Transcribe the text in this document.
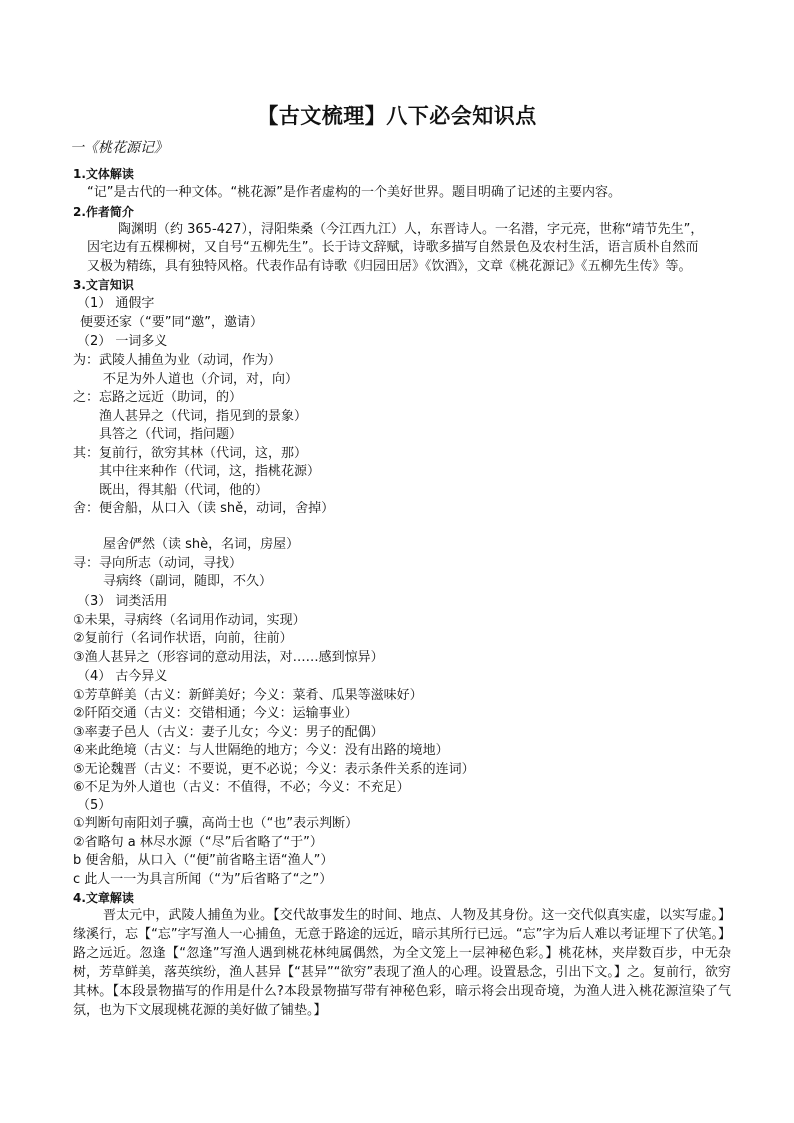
【古文梳理】八下必会知识点
一《桃花源记》
1.文体解读
“记”是古代的一种文体。“桃花源”是作者虚构的一个美好世界。题目明确了记述的主要内容。
2.作者简介
陶渊明（约 365-427），浔阳柴桑（今江西九江）人，东晋诗人。一名潜，字元亮，世称“靖节先生”，
因宅边有五棵柳树，又自号“五柳先生”。长于诗文辞赋，诗歌多描写自然景色及农村生活，语言质朴自然而
又极为精练，具有独特风格。代表作品有诗歌《归园田居》《饮酒》，文章《桃花源记》《五柳先生传》等。
3.文言知识
（1） 通假字
便要还家（“要”同“邀”，邀请）
（2） 一词多义
为：武陵人捕鱼为业（动词，作为）
不足为外人道也（介词，对，向）
之：忘路之远近（助词，的）
渔人甚异之（代词，指见到的景象）
具答之（代词，指问题）
其：复前行，欲穷其林（代词，这，那）
其中往来种作（代词，这，指桃花源）
既出，得其船（代词，他的）
舍：便舍船，从口入（读 shě，动词，舍掉）
屋舍俨然（读 shè，名词，房屋）
寻：寻向所志（动词，寻找）
寻病终（副词，随即，不久）
（3） 词类活用
①未果，寻病终（名词用作动词，实现）
②复前行（名词作状语，向前，往前）
③渔人甚异之（形容词的意动用法，对……感到惊异）
（4） 古今异义
①芳草鲜美（古义：新鲜美好；今义：菜肴、瓜果等滋味好）
②阡陌交通（古义：交错相通；今义：运输事业）
③率妻子邑人（古义：妻子儿女；今义：男子的配偶）
④来此绝境（古义：与人世隔绝的地方；今义：没有出路的境地）
⑤无论魏晋（古义：不要说，更不必说；今义：表示条件关系的连词）
⑥不足为外人道也（古义：不值得，不必；今义：不充足）
（5）
①判断句南阳刘子骥，高尚士也（“也”表示判断）
②省略句 a 林尽水源（“尽”后省略了“于”）
b 便舍船，从口入（“便”前省略主语“渔人”）
c 此人一一为具言所闻（“为”后省略了“之”）
4.文章解读
晋太元中，武陵人捕鱼为业。【交代故事发生的时间、地点、人物及其身份。这一交代似真实虚，以实写虚。】缘溪行，忘【“忘”字写渔人一心捕鱼，无意于路途的远近，暗示其所行已远。“忘”字为后人难以考证埋下了伏笔。】路之远近。忽逢【“忽逢”写渔人遇到桃花林纯属偶然，为全文笼上一层神秘色彩。】桃花林，夹岸数百步，中无杂树，芳草鲜美，落英缤纷，渔人甚异【“甚异”“欲穷”表现了渔人的心理。设置悬念，引出下文。】之。复前行，欲穷其林。【本段景物描写的作用是什么?本段景物描写带有神秘色彩，暗示将会出现奇境，为渔人进入桃花源渲染了气氛，也为下文展现桃花源的美好做了铺垫。】
